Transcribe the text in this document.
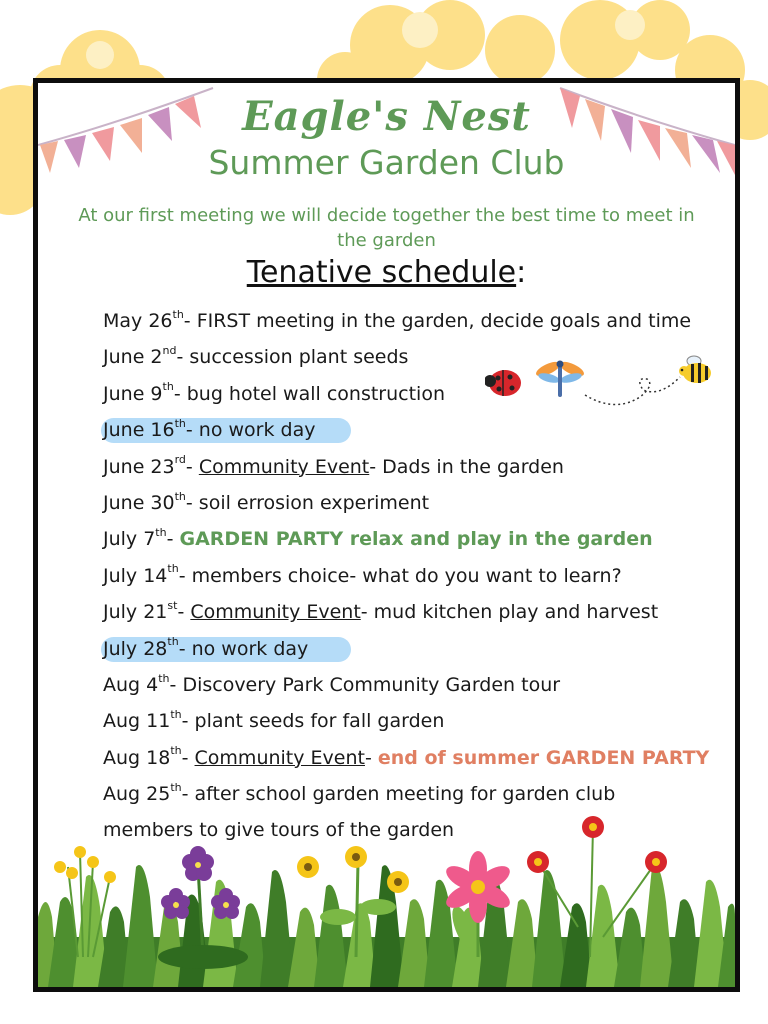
Eagle's Nest
Summer Garden Club
At our first meeting we will decide together the best time to meet in the garden
Tenative schedule:
May 26th- FIRST meeting in the garden, decide goals and time
June 2nd- succession plant seeds
June 9th- bug hotel wall construction
June 16th- no work day
June 23rd- Community Event- Dads in the garden
June 30th- soil errosion experiment
July 7th- GARDEN PARTY relax and play in the garden
July 14th- members choice- what do you want to learn?
July 21st- Community Event- mud kitchen play and harvest
July 28th- no work day
Aug 4th- Discovery Park Community Garden tour
Aug 11th- plant seeds for fall garden
Aug 18th- Community Event- end of summer GARDEN PARTY
Aug 25th- after school garden meeting for garden club
members to give tours of the garden
